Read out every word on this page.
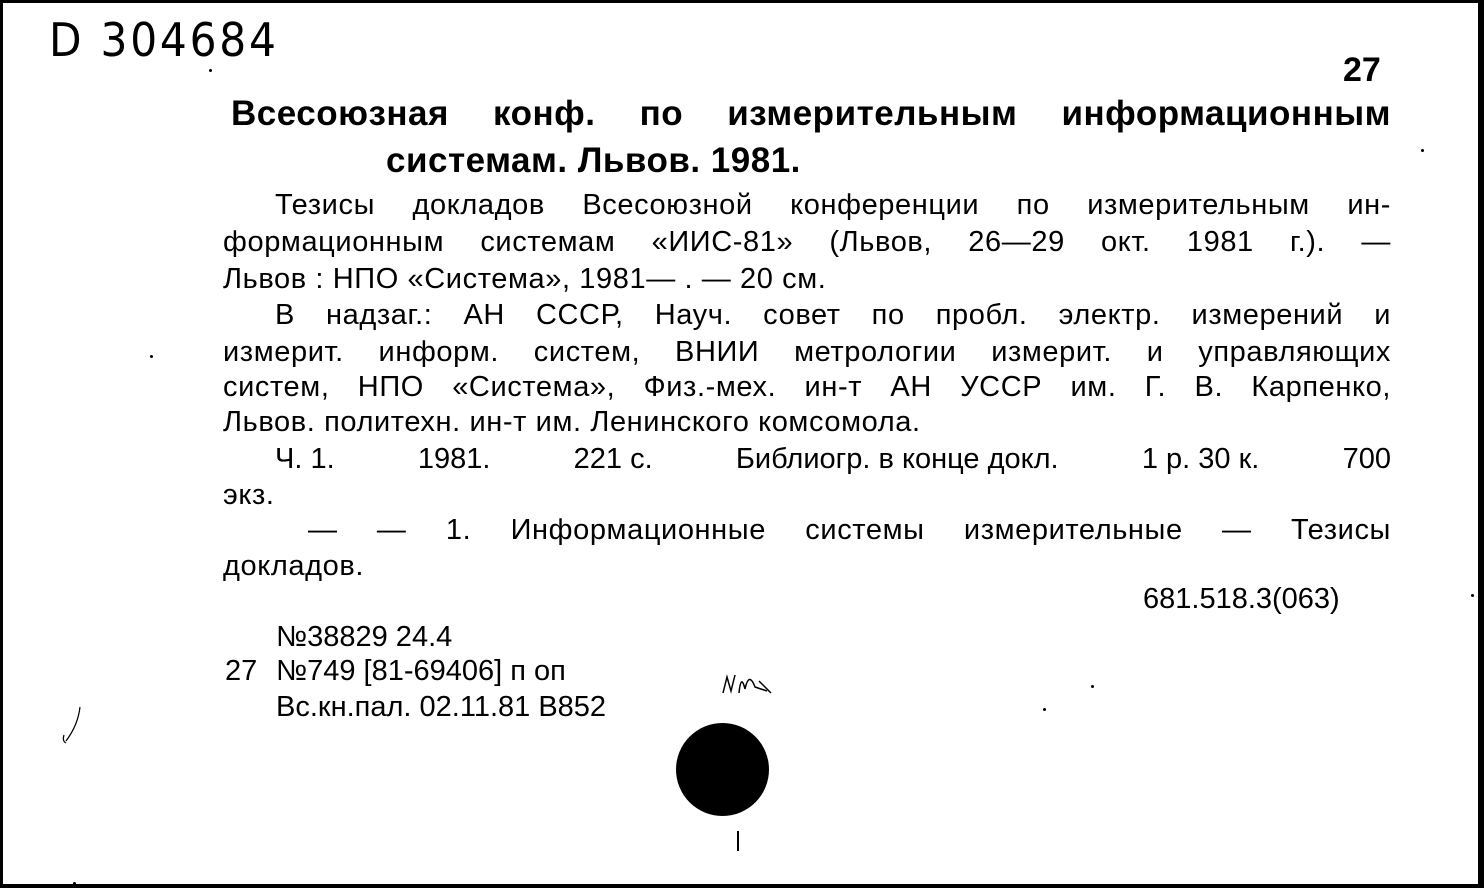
D 304684
27
Всесоюзная конф. по измерительным информационным
системам. Львов. 1981.
Тезисы докладов Всесоюзной конференции по измерительным ин-
формационным системам «ИИС-81» (Львов, 26—29 окт. 1981 г.). —
Львов : НПО «Система», 1981— . — 20 см.
В надзаг.: АН СССР, Науч. совет по пробл. электр. измерений и
измерит. информ. систем, ВНИИ метрологии измерит. и управляющих
систем, НПО «Система», Физ.-мех. ин-т АН УССР им. Г. В. Карпенко,
Львов. политехн. ин-т им. Ленинского комсомола.
Ч. 1.	1981.	221 с.	Библиогр. в конце докл.	1 р. 30 к.	700
экз.
— — 1. Информационные системы измерительные — Тезисы
докладов.
681.518.3(063)
№38829 24.4
27 №749 [81-69406] п оп
Вс.кн.пал. 02.11.81 В852
